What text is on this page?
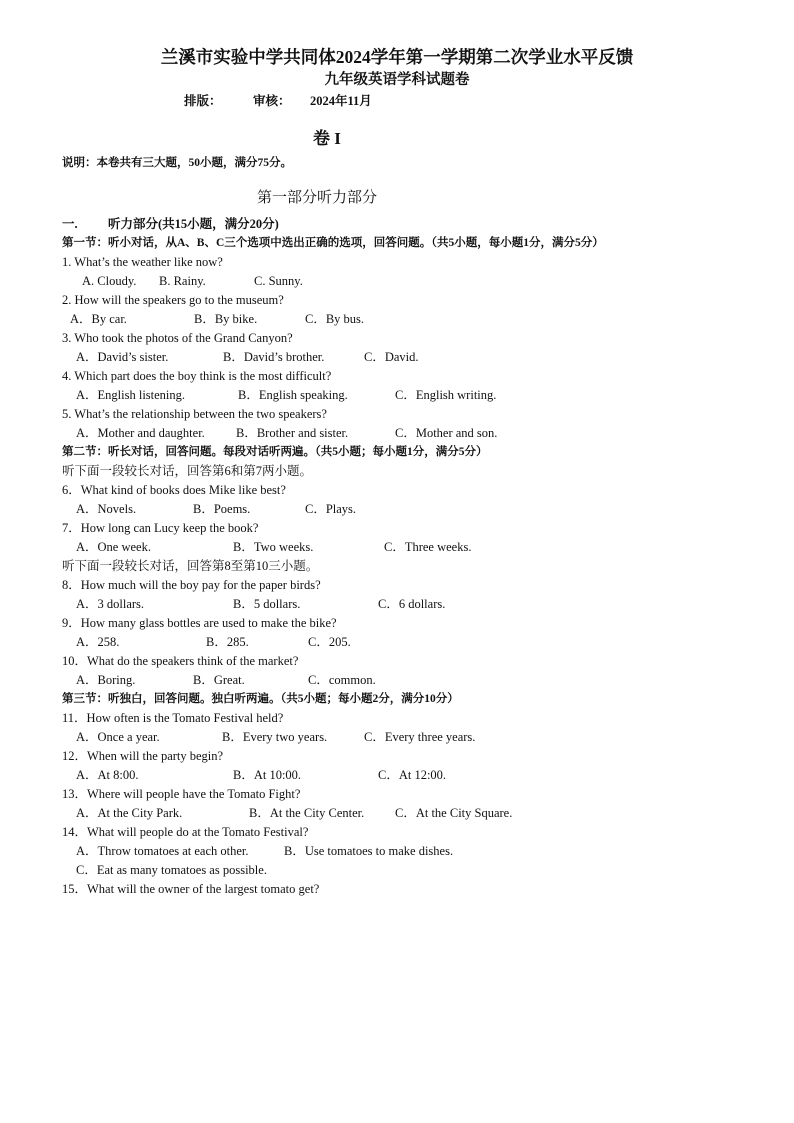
兰溪市实验中学共同体2024学年第一学期第二次学业水平反馈
九年级英语学科试题卷
排版：	审核： 2024年11月
卷 I
说明：本卷共有三大题，50小题，满分75分。
第一部分听力部分
一. 听力部分(共15小题，满分20分)
第一节：听小对话，从A、B、C三个选项中选出正确的选项，回答问题。（共5小题，每小题1分，满分5分）
1. What’s the weather like now?
A. Cloudy. B. Rainy.	C. Sunny.
2. How will the speakers go to the museum?
A．By car.	B．By bike.	C．By bus.
3. Who took the photos of the Grand Canyon?
A．David’s sister.	B．David’s brother.	C．David.
4. Which part does the boy think is the most difficult?
A．English listening.	B．English speaking.	C．English writing.
5. What’s the relationship between the two speakers?
A．Mother and daughter. B．Brother and sister.	C．Mother and son.
第二节：听长对话，回答问题。每段对话听两遍。（共5小题；每小题1分，满分5分）
听下面一段较长对话，回答第6和第7两小题。
6．What kind of books does Mike like best?
A．Novels.	B．Poems.	C．Plays.
7．How long can Lucy keep the book?
A．One week.	B．Two weeks.	C．Three weeks.
听下面一段较长对话，回答第8至第10三小题。
8．How much will the boy pay for the paper birds?
A．3 dollars.	B．5 dollars.	C．6 dollars.
9．How many glass bottles are used to make the bike?
A．258.	B．285.	C．205.
10．What do the speakers think of the market?
A．Boring.	B．Great.	C．common.
第三节：听独白，回答问题。独白听两遍。（共5小题；每小题2分，满分10分）
11．How often is the Tomato Festival held?
A．Once a year.	B．Every two years.	C．Every three years.
12．When will the party begin?
A．At 8:00.	B．At 10:00.	C．At 12:00.
13．Where will people have the Tomato Fight?
A．At the City Park.	B．At the City Center. C．At the City Square.
14．What will people do at the Tomato Festival?
A．Throw tomatoes at each other.	B．Use tomatoes to make dishes.
C．Eat as many tomatoes as possible.
15．What will the owner of the largest tomato get?
